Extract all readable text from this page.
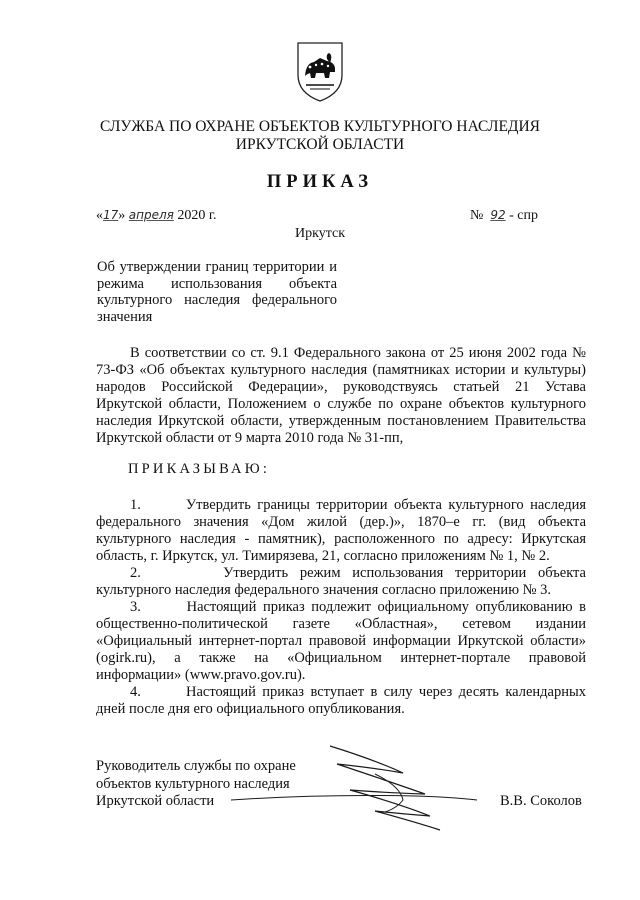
СЛУЖБА ПО ОХРАНЕ ОБЪЕКТОВ КУЛЬТУРНОГО НАСЛЕДИЯ
ИРКУТСКОЙ ОБЛАСТИ
ПРИКАЗ
«17» апреля 2020 г.	№ 92 - спр
Иркутск
Об утверждении границ территории и
режима использования объекта
культурного наследия федерального
значения
В соответствии со ст. 9.1 Федерального закона от 25 июня 2002 года №
73-ФЗ «Об объектах культурного наследия (памятниках истории и культуры)
народов Российской Федерации», руководствуясь статьей 21 Устава
Иркутской области, Положением о службе по охране объектов культурного
наследия Иркутской области, утвержденным постановлением Правительства
Иркутской области от 9 марта 2010 года № 31-пп,
ПРИКАЗЫВАЮ:
1.	Утвердить границы территории объекта культурного наследия
федерального значения «Дом жилой (дер.)», 1870–е гг. (вид объекта
культурного наследия - памятник), расположенного по адресу: Иркутская
область, г. Иркутск, ул. Тимирязева, 21, согласно приложениям № 1, № 2.
2.	Утвердить режим использования территории объекта
культурного наследия федерального значения согласно приложению № 3.
3.	Настоящий приказ подлежит официальному опубликованию в
общественно-политической газете «Областная», сетевом издании
«Официальный интернет-портал правовой информации Иркутской области»
(ogirk.ru), а также на «Официальном интернет-портале правовой
информации» (www.pravo.gov.ru).
4.	Настоящий приказ вступает в силу через десять календарных
дней после дня его официального опубликования.
Руководитель службы по охране
объектов культурного наследия
Иркутской области	В.В. Соколов
